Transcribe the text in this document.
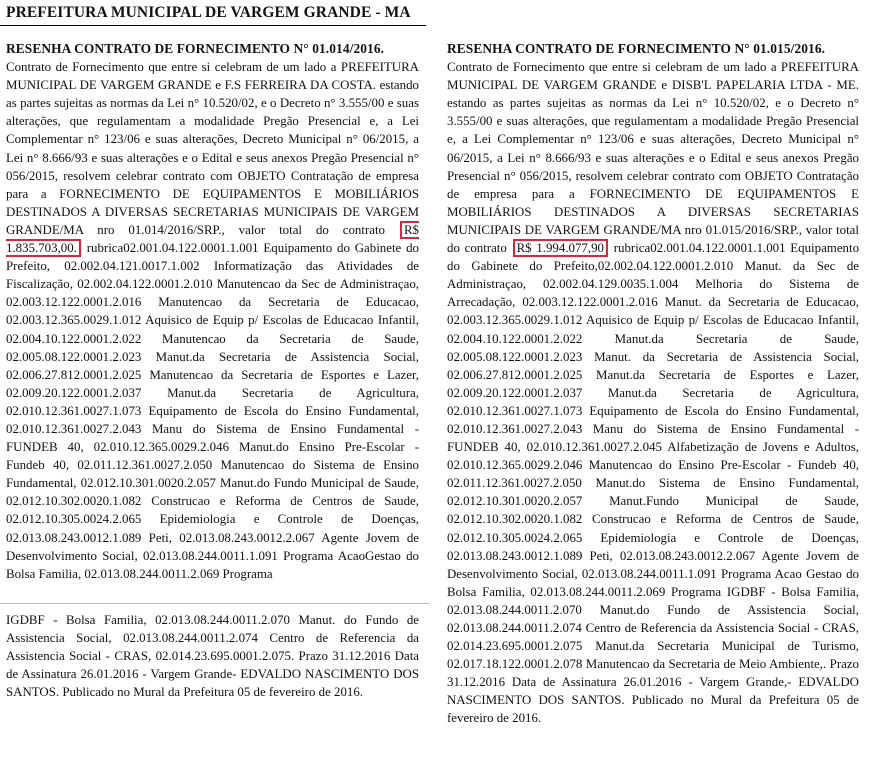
PREFEITURA MUNICIPAL DE VARGEM GRANDE - MA
RESENHA CONTRATO DE FORNECIMENTO N° 01.014/2016.

Contrato de Fornecimento que entre si celebram de um lado a PREFEITURA MUNICIPAL DE VARGEM GRANDE e F.S FERREIRA DA COSTA. estando as partes sujeitas as normas da Lei n° 10.520/02, e o Decreto n° 3.555/00 e suas alterações, que regulamentam a modalidade Pregão Presencial e, a Lei Complementar n° 123/06 e suas alterações, Decreto Municipal n° 06/2015, a Lei n° 8.666/93 e suas alterações e o Edital e seus anexos Pregão Presencial n° 056/2015, resolvem celebrar contrato com OBJETO Contratação de empresa para a FORNECIMENTO DE EQUIPAMENTOS E MOBILIÁRIOS DESTINADOS A DIVERSAS SECRETARIAS MUNICIPAIS DE VARGEM GRANDE/MA nro 01.014/2016/SRP., valor total do contrato R$ 1.835.703,00. rubrica02.001.04.122.0001.1.001 Equipamento do Gabinete do Prefeito, 02.002.04.121.0017.1.002 Informatização das Atividades de Fiscalização, 02.002.04.122.0001.2.010 Manutencao da Sec de Administraçao, 02.003.12.122.0001.2.016 Manutencao da Secretaria de Educacao, 02.003.12.365.0029.1.012 Aquisico de Equip p/ Escolas de Educacao Infantil, 02.004.10.122.0001.2.022 Manutencao da Secretaria de Saude, 02.005.08.122.0001.2.023 Manut.da Secretaria de Assistencia Social, 02.006.27.812.0001.2.025 Manutencao da Secretaria de Esportes e Lazer, 02.009.20.122.0001.2.037 Manut.da Secretaria de Agricultura, 02.010.12.361.0027.1.073 Equipamento de Escola do Ensino Fundamental, 02.010.12.361.0027.2.043 Manu do Sistema de Ensino Fundamental - FUNDEB 40, 02.010.12.365.0029.2.046 Manut.do Ensino Pre-Escolar - Fundeb 40, 02.011.12.361.0027.2.050 Manutencao do Sistema de Ensino Fundamental, 02.012.10.301.0020.2.057 Manut.do Fundo Municipal de Saude, 02.012.10.302.0020.1.082 Construcao e Reforma de Centros de Saude, 02.012.10.305.0024.2.065 Epidemiologia e Controle de Doenças, 02.013.08.243.0012.1.089 Peti, 02.013.08.243.0012.2.067 Agente Jovem de Desenvolvimento Social, 02.013.08.244.0011.1.091 Programa AcaoGestao do Bolsa Familia, 02.013.08.244.0011.2.069 Programa

IGDBF - Bolsa Familia, 02.013.08.244.0011.2.070 Manut. do Fundo de Assistencia Social, 02.013.08.244.0011.2.074 Centro de Referencia da Assistencia Social - CRAS, 02.014.23.695.0001.2.075. Prazo 31.12.2016 Data de Assinatura 26.01.2016 - Vargem Grande- EDVALDO NASCIMENTO DOS SANTOS. Publicado no Mural da Prefeitura 05 de fevereiro de 2016.
RESENHA CONTRATO DE FORNECIMENTO N° 01.015/2016.

Contrato de Fornecimento que entre si celebram de um lado a PREFEITURA MUNICIPAL DE VARGEM GRANDE e DISB'L PAPELARIA LTDA - ME. estando as partes sujeitas as normas da Lei n° 10.520/02, e o Decreto n° 3.555/00 e suas alterações, que regulamentam a modalidade Pregão Presencial e, a Lei Complementar n° 123/06 e suas alterações, Decreto Municipal n° 06/2015, a Lei n° 8.666/93 e suas alterações e o Edital e seus anexos Pregão Presencial n° 056/2015, resolvem celebrar contrato com OBJETO Contratação de empresa para a FORNECIMENTO DE EQUIPAMENTOS E MOBILIÁRIOS DESTINADOS A DIVERSAS SECRETARIAS MUNICIPAIS DE VARGEM GRANDE/MA nro 01.015/2016/SRP., valor total do contrato R$ 1.994.077,90 rubrica02.001.04.122.0001.1.001 Equipamento do Gabinete do Prefeito,02.002.04.122.0001.2.010 Manut. da Sec de Administraçao, 02.002.04.129.0035.1.004 Melhoria do Sistema de Arrecadação, 02.003.12.122.0001.2.016 Manut. da Secretaria de Educacao, 02.003.12.365.0029.1.012 Aquisico de Equip p/ Escolas de Educacao Infantil, 02.004.10.122.0001.2.022 Manut.da Secretaria de Saude, 02.005.08.122.0001.2.023 Manut. da Secretaria de Assistencia Social, 02.006.27.812.0001.2.025 Manut.da Secretaria de Esportes e Lazer, 02.009.20.122.0001.2.037 Manut.da Secretaria de Agricultura, 02.010.12.361.0027.1.073 Equipamento de Escola do Ensino Fundamental, 02.010.12.361.0027.2.043 Manu do Sistema de Ensino Fundamental - FUNDEB 40, 02.010.12.361.0027.2.045 Alfabetização de Jovens e Adultos, 02.010.12.365.0029.2.046 Manutencao do Ensino Pre-Escolar - Fundeb 40, 02.011.12.361.0027.2.050 Manut.do Sistema de Ensino Fundamental, 02.012.10.301.0020.2.057 Manut.Fundo Municipal de Saude, 02.012.10.302.0020.1.082 Construcao e Reforma de Centros de Saude, 02.012.10.305.0024.2.065 Epidemiologia e Controle de Doenças, 02.013.08.243.0012.1.089 Peti, 02.013.08.243.0012.2.067 Agente Jovem de Desenvolvimento Social, 02.013.08.244.0011.1.091 Programa Acao Gestao do Bolsa Familia, 02.013.08.244.0011.2.069 Programa IGDBF - Bolsa Familia, 02.013.08.244.0011.2.070 Manut.do Fundo de Assistencia Social, 02.013.08.244.0011.2.074 Centro de Referencia da Assistencia Social - CRAS, 02.014.23.695.0001.2.075 Manut.da Secretaria Municipal de Turismo, 02.017.18.122.0001.2.078 Manutencao da Secretaria de Meio Ambiente,. Prazo 31.12.2016 Data de Assinatura 26.01.2016 - Vargem Grande,- EDVALDO NASCIMENTO DOS SANTOS. Publicado no Mural da Prefeitura 05 de fevereiro de 2016.
